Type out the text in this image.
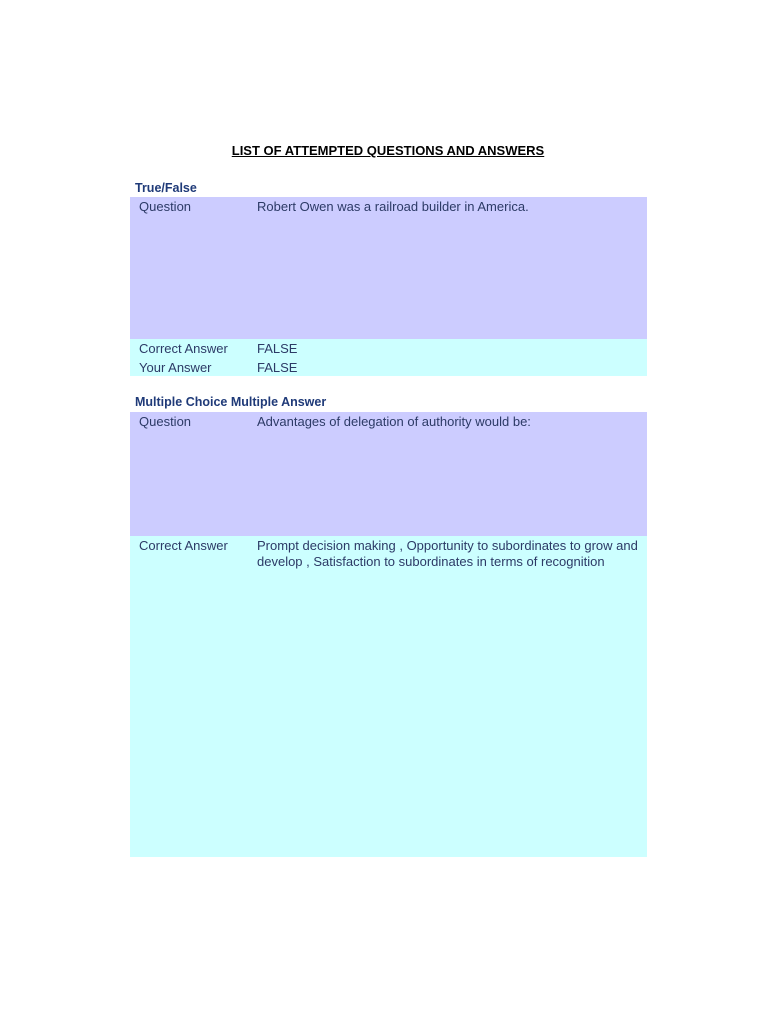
LIST OF ATTEMPTED QUESTIONS AND ANSWERS
True/False
Question	Robert Owen was a railroad builder in America.
Correct Answer	FALSE
Your Answer	FALSE
Multiple Choice Multiple Answer
Question	Advantages of delegation of authority would be:
Correct Answer	Prompt decision making , Opportunity to subordinates to grow and develop , Satisfaction to subordinates in terms of recognition
